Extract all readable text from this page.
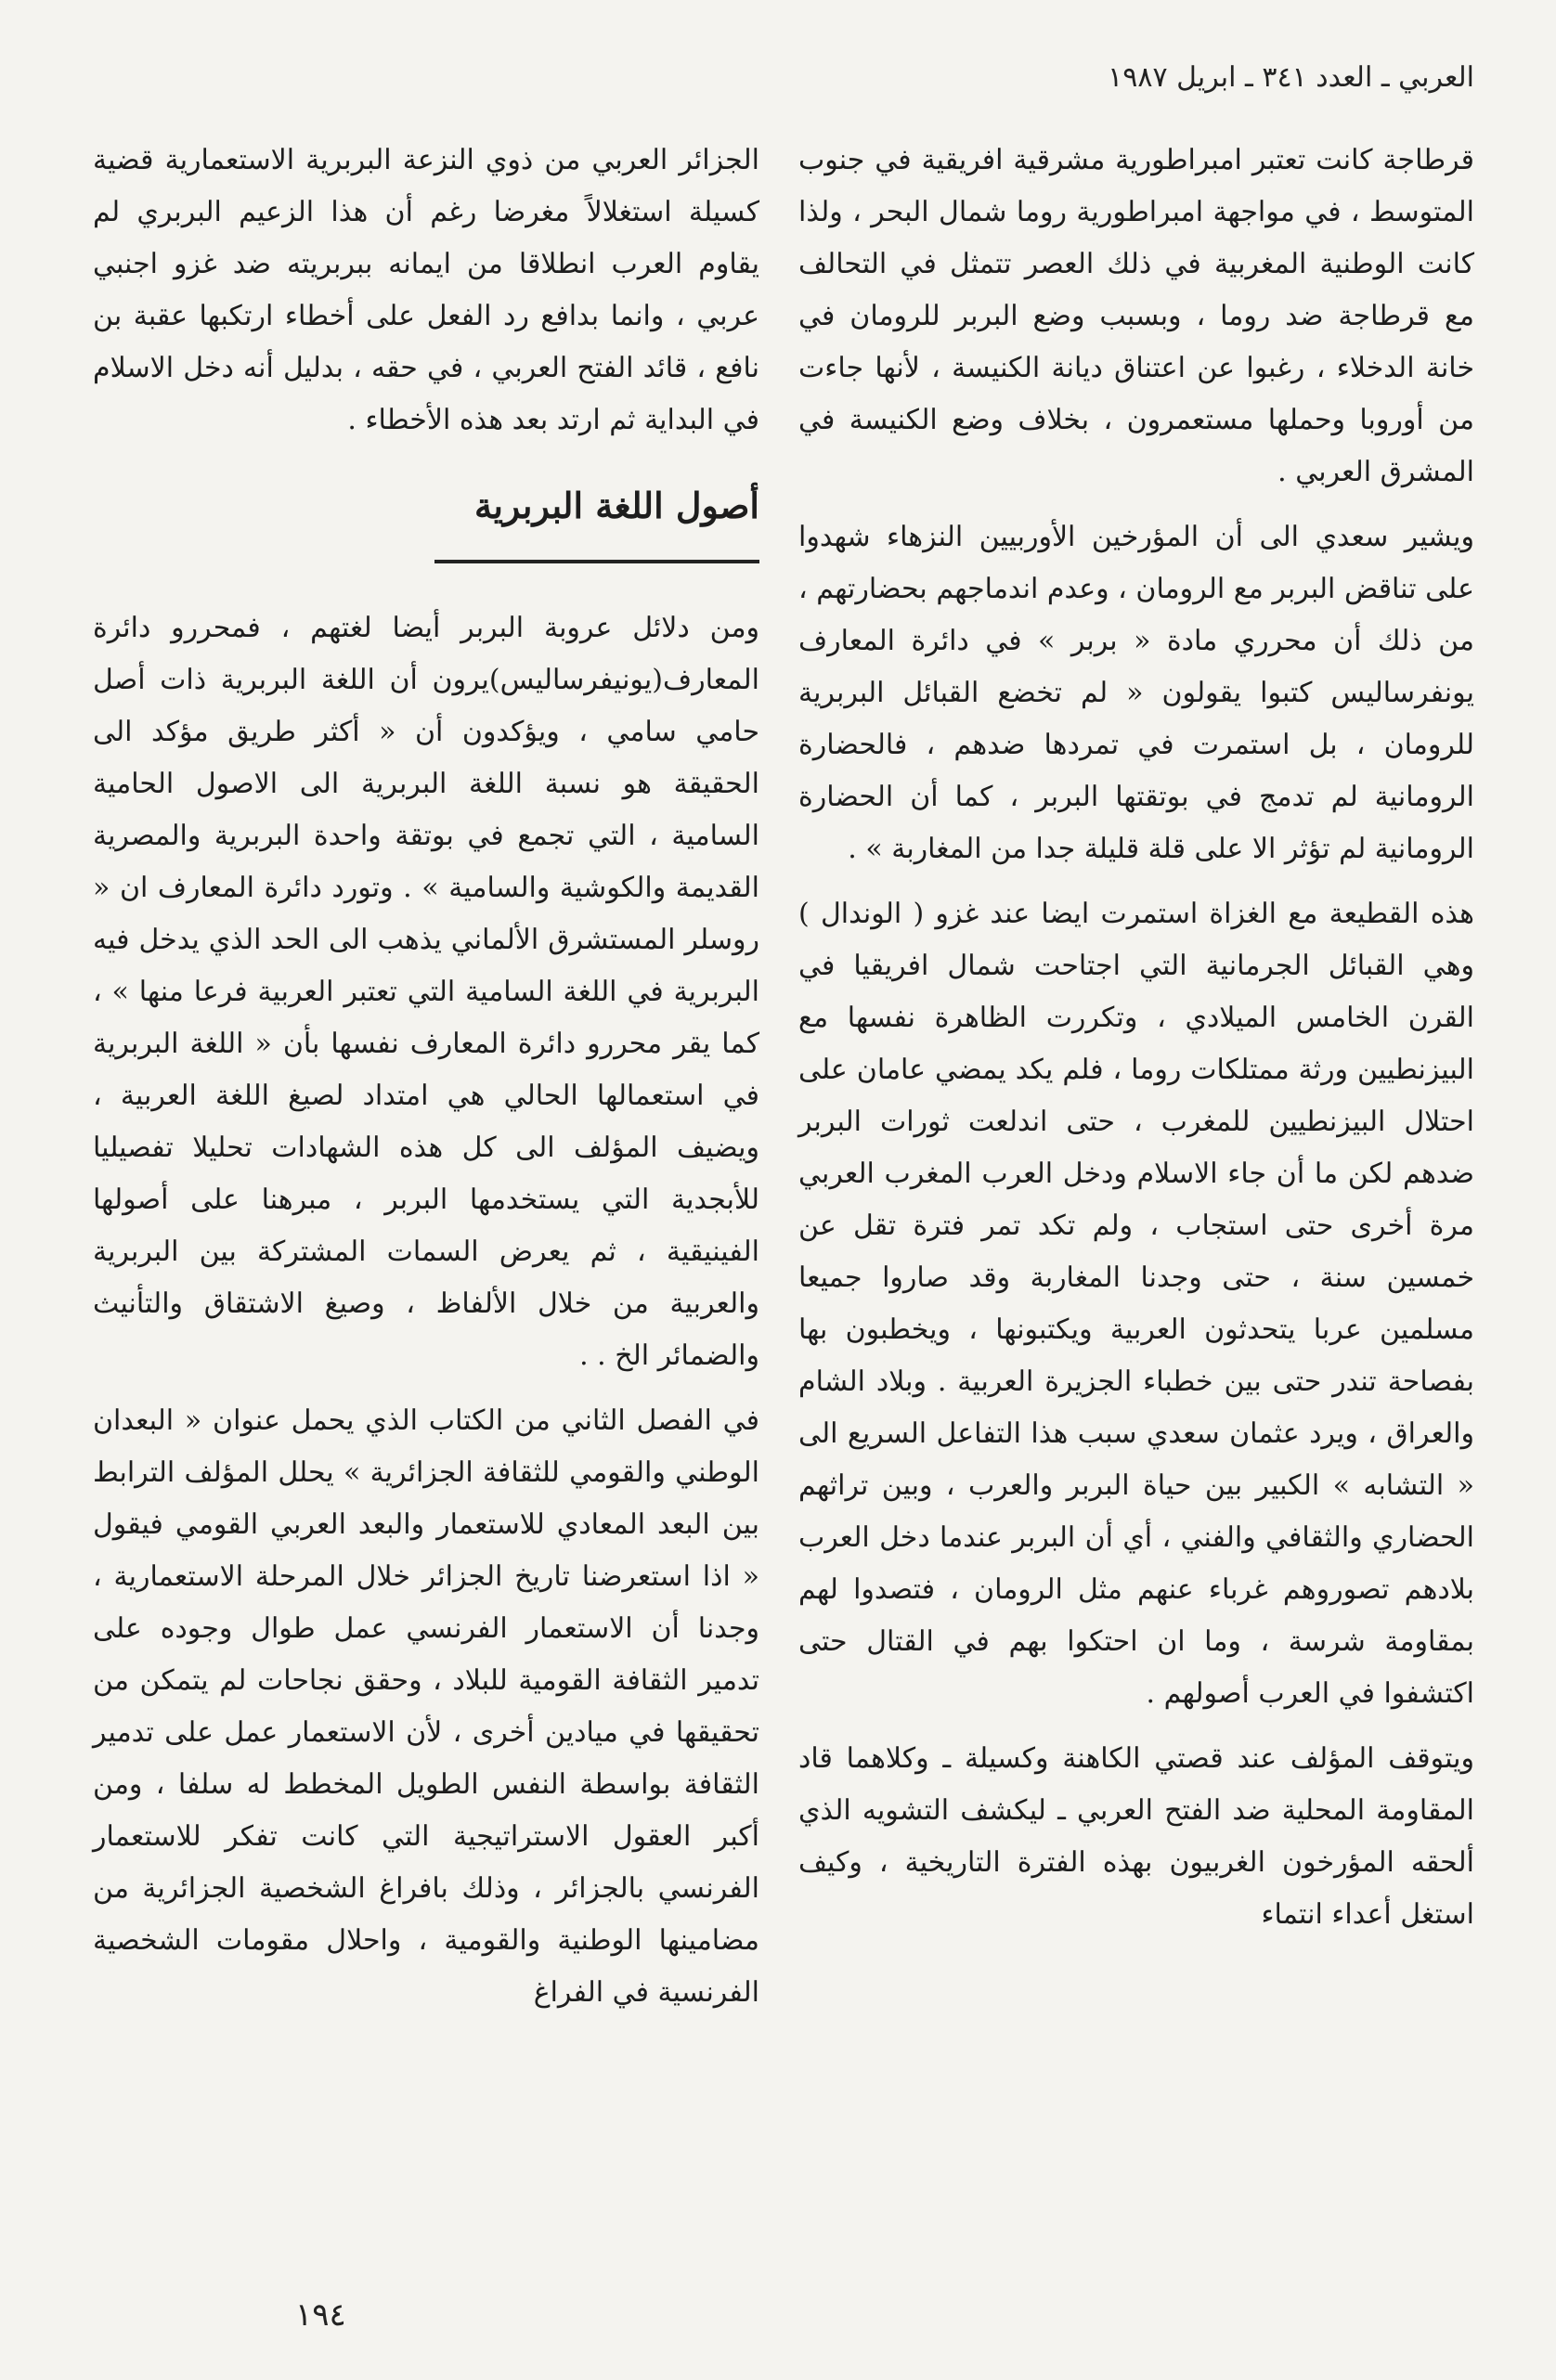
العربي ـ العدد ٣٤١ ـ ابريل ١٩٨٧

قرطاجة كانت تعتبر امبراطورية مشرقية افريقية في جنوب المتوسط ، في مواجهة امبراطورية روما شمال البحر ، ولذا كانت الوطنية المغربية في ذلك العصر تتمثل في التحالف مع قرطاجة ضد روما ، وبسبب وضع البربر للرومان في خانة الدخلاء ، رغبوا عن اعتناق ديانة الكنيسة ، لأنها جاءت من أوروبا وحملها مستعمرون ، بخلاف وضع الكنيسة في المشرق العربي .

ويشير سعدي الى أن المؤرخين الأوربيين النزهاء شهدوا على تناقض البربر مع الرومان ، وعدم اندماجهم بحضارتهم ، من ذلك أن محرري مادة « بربر » في دائرة المعارف يونفرساليس كتبوا يقولون « لم تخضع القبائل البربرية للرومان ، بل استمرت في تمردها ضدهم ، فالحضارة الرومانية لم تدمج في بوتقتها البربر ، كما أن الحضارة الرومانية لم تؤثر الا على قلة قليلة جدا من المغاربة » .

هذه القطيعة مع الغزاة استمرت ايضا عند غزو ( الوندال ) وهي القبائل الجرمانية التي اجتاحت شمال افريقيا في القرن الخامس الميلادي ، وتكررت الظاهرة نفسها مع البيزنطيين ورثة ممتلكات روما ، فلم يكد يمضي عامان على احتلال البيزنطيين للمغرب ، حتى اندلعت ثورات البربر ضدهم لكن ما أن جاء الاسلام ودخل العرب المغرب العربي مرة أخرى حتى استجاب ، ولم تكد تمر فترة تقل عن خمسين سنة ، حتى وجدنا المغاربة وقد صاروا جميعا مسلمين عربا يتحدثون العربية ويكتبونها ، ويخطبون بها بفصاحة تندر حتى بين خطباء الجزيرة العربية . وبلاد الشام والعراق ، ويرد عثمان سعدي سبب هذا التفاعل السريع الى « التشابه » الكبير بين حياة البربر والعرب ، وبين تراثهم الحضاري والثقافي والفني ، أي أن البربر عندما دخل العرب بلادهم تصوروهم غرباء عنهم مثل الرومان ، فتصدوا لهم بمقاومة شرسة ، وما ان احتكوا بهم في القتال حتى اكتشفوا في العرب أصولهم .

ويتوقف المؤلف عند قصتي الكاهنة وكسيلة ـ وكلاهما قاد المقاومة المحلية ضد الفتح العربي ـ ليكشف التشويه الذي ألحقه المؤرخون الغربيون بهذه الفترة التاريخية ، وكيف استغل أعداء انتماء

الجزائر العربي من ذوي النزعة البربرية الاستعمارية قضية كسيلة استغلالاً مغرضا رغم أن هذا الزعيم البربري لم يقاوم العرب انطلاقا من ايمانه ببربريته ضد غزو اجنبي عربي ، وانما بدافع رد الفعل على أخطاء ارتكبها عقبة بن نافع ، قائد الفتح العربي ، في حقه ، بدليل أنه دخل الاسلام في البداية ثم ارتد بعد هذه الأخطاء .

أصول اللغة البربرية

ومن دلائل عروبة البربر أيضا لغتهم ، فمحررو دائرة المعارف(يونيفرساليس)يرون أن اللغة البربرية ذات أصل حامي سامي ، ويؤكدون أن « أكثر طريق مؤكد الى الحقيقة هو نسبة اللغة البربرية الى الاصول الحامية السامية ، التي تجمع في بوتقة واحدة البربرية والمصرية القديمة والكوشية والسامية » . وتورد دائرة المعارف ان « روسلر المستشرق الألماني يذهب الى الحد الذي يدخل فيه البربرية في اللغة السامية التي تعتبر العربية فرعا منها » ، كما يقر محررو دائرة المعارف نفسها بأن « اللغة البربرية في استعمالها الحالي هي امتداد لصيغ اللغة العربية ، ويضيف المؤلف الى كل هذه الشهادات تحليلا تفصيليا للأبجدية التي يستخدمها البربر ، مبرهنا على أصولها الفينيقية ، ثم يعرض السمات المشتركة بين البربرية والعربية من خلال الألفاظ ، وصيغ الاشتقاق والتأنيث والضمائر الخ . .

في الفصل الثاني من الكتاب الذي يحمل عنوان « البعدان الوطني والقومي للثقافة الجزائرية » يحلل المؤلف الترابط بين البعد المعادي للاستعمار والبعد العربي القومي فيقول « اذا استعرضنا تاريخ الجزائر خلال المرحلة الاستعمارية ، وجدنا أن الاستعمار الفرنسي عمل طوال وجوده على تدمير الثقافة القومية للبلاد ، وحقق نجاحات لم يتمكن من تحقيقها في ميادين أخرى ، لأن الاستعمار عمل على تدمير الثقافة بواسطة النفس الطويل المخطط له سلفا ، ومن أكبر العقول الاستراتيجية التي كانت تفكر للاستعمار الفرنسي بالجزائر ، وذلك بافراغ الشخصية الجزائرية من مضامينها الوطنية والقومية ، واحلال مقومات الشخصية الفرنسية في الفراغ

١٩٤
